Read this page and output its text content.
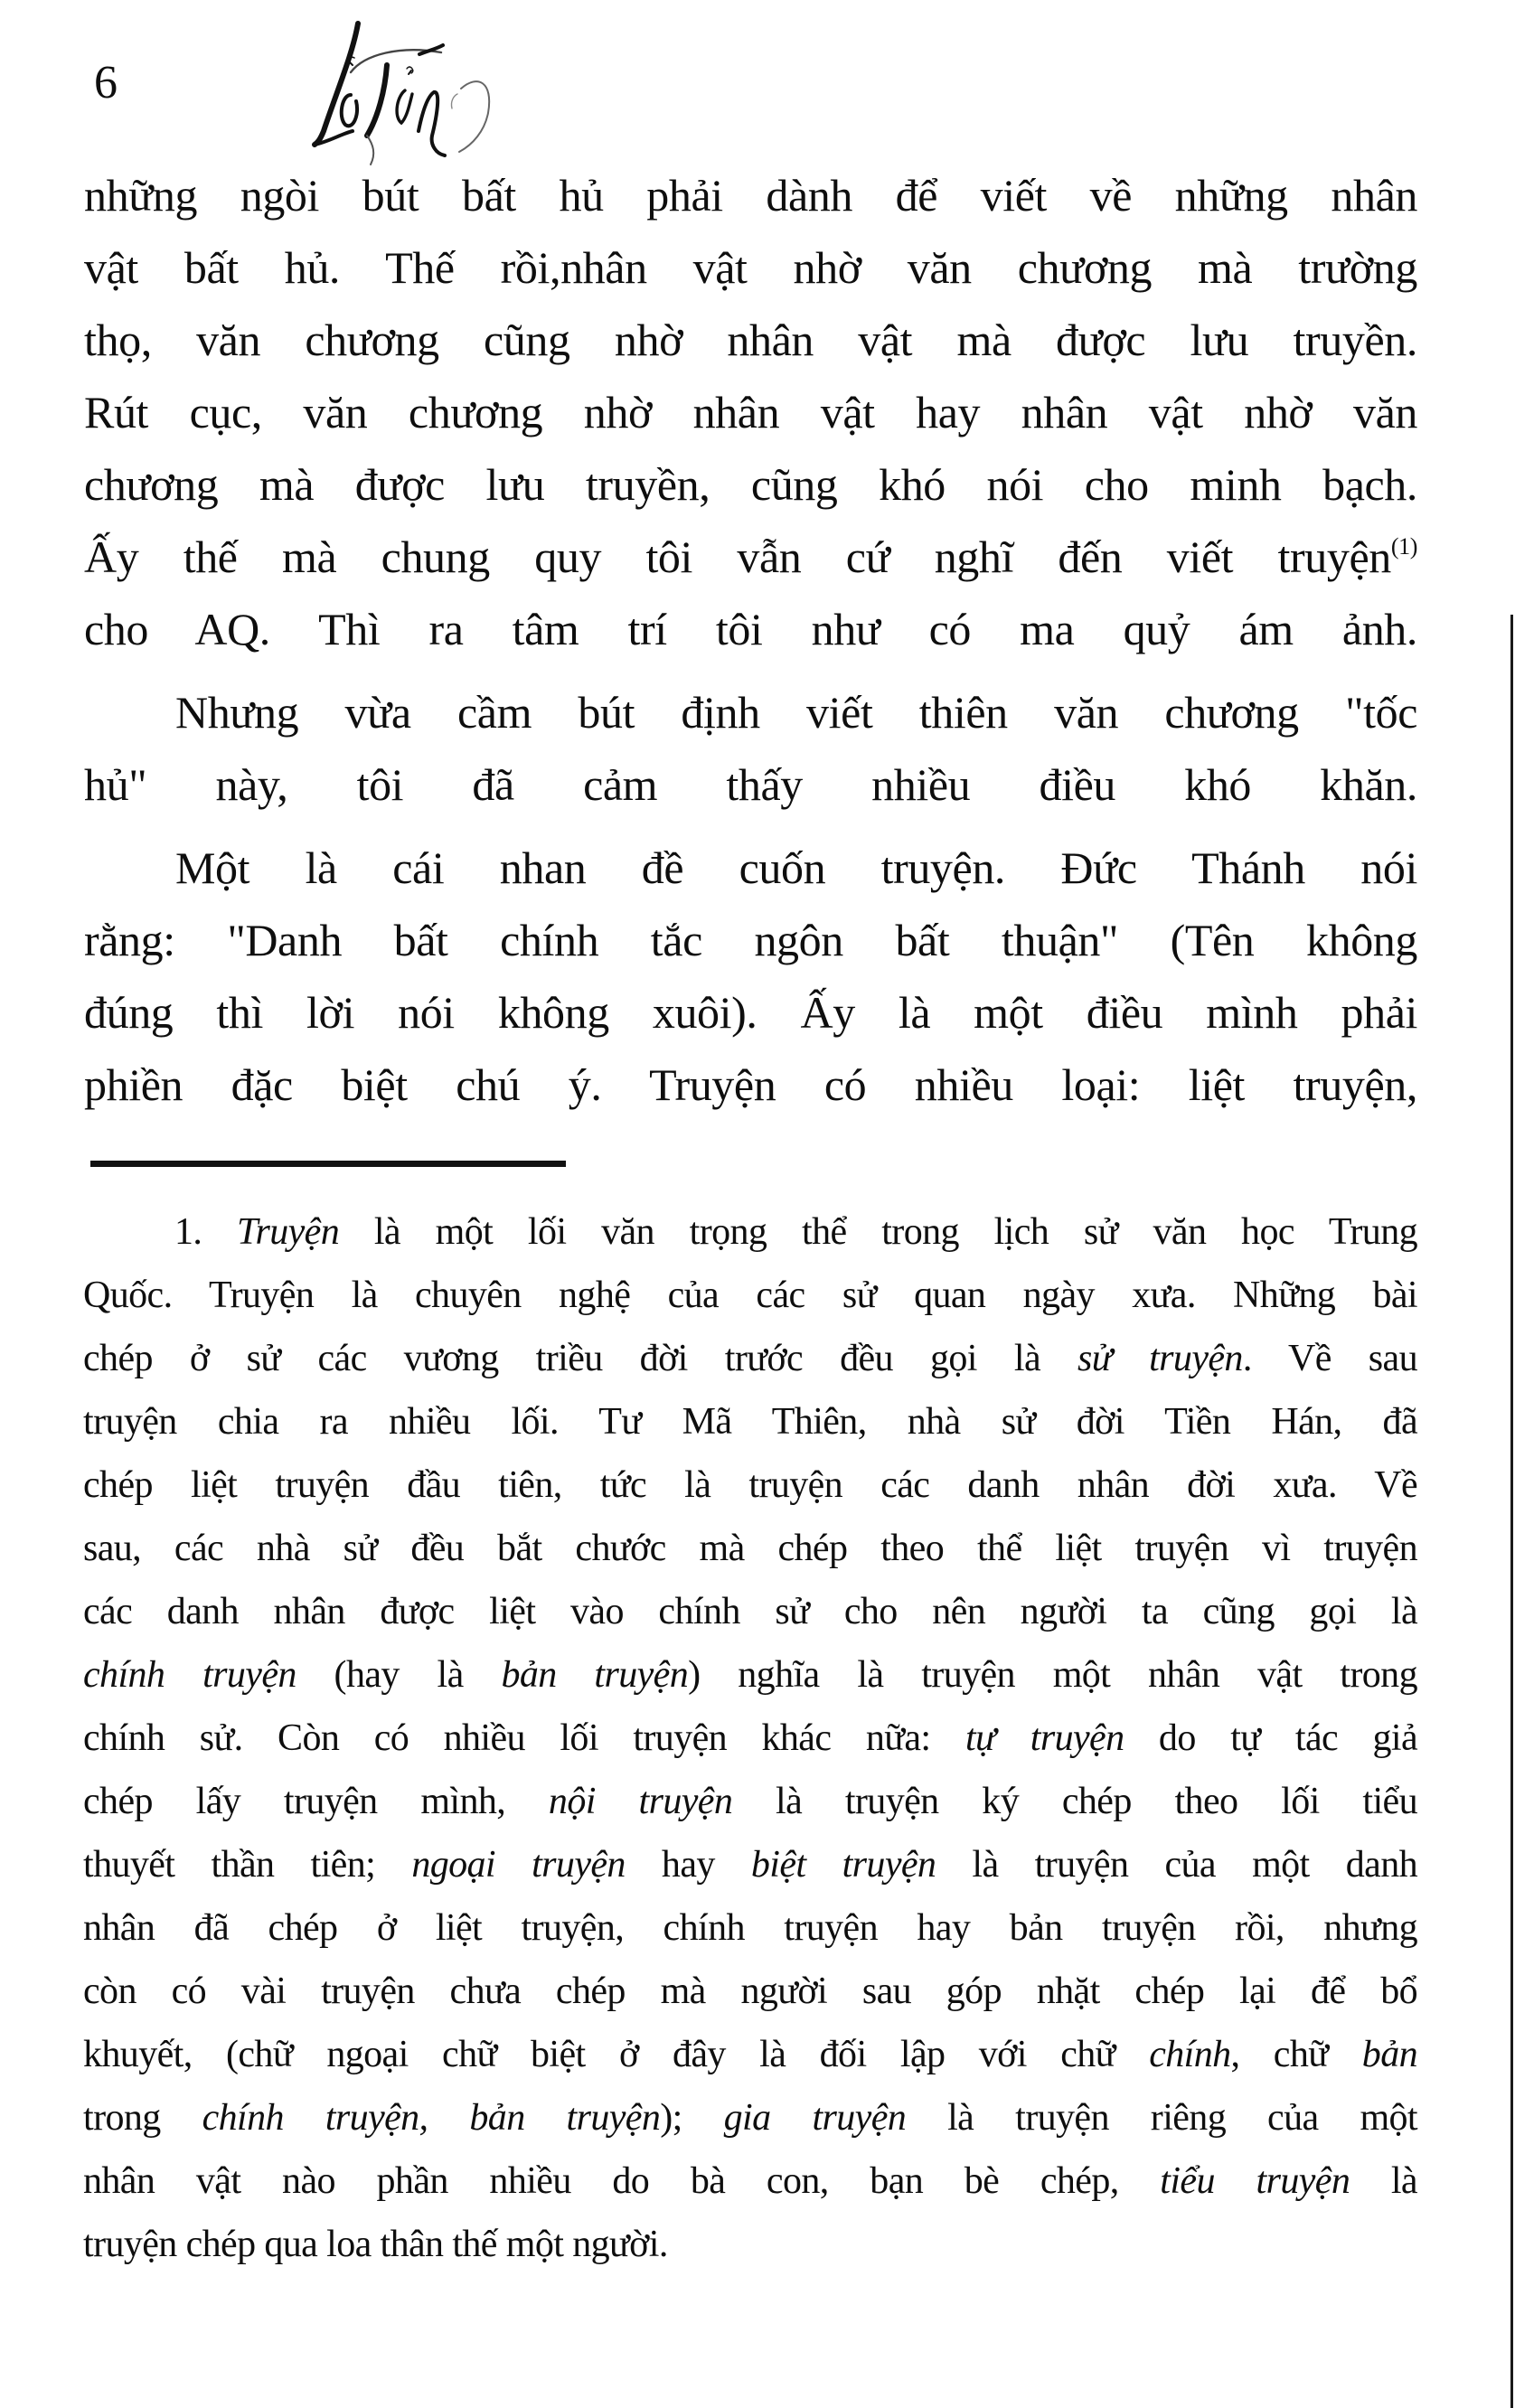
6

những ngòi bút bất hủ phải dành để viết về những nhân
vật bất hủ. Thế rồi,nhân vật nhờ văn chương mà trường
thọ, văn chương cũng nhờ nhân vật mà được lưu truyền.
Rút cục, văn chương nhờ nhân vật hay nhân vật nhờ văn
chương mà được lưu truyền, cũng khó nói cho minh bạch.
Ấy thế mà chung quy tôi vẫn cứ nghĩ đến viết truyện$^{(1)}$
cho AQ. Thì ra tâm trí tôi như có ma quỷ ám ảnh.

Nhưng vừa cầm bút định viết thiên văn chương "tốc
hủ" này, tôi đã cảm thấy nhiều điều khó khăn.

Một là cái nhan đề cuốn truyện. Đức Thánh nói
rằng: "Danh bất chính tắc ngôn bất thuận" (Tên không
đúng thì lời nói không xuôi). Ấy là một điều mình phải
phiền đặc biệt chú ý. Truyện có nhiều loại: liệt truyện,

1. Truyện là một lối văn trọng thể trong lịch sử văn học Trung
Quốc. Truyện là chuyên nghệ của các sử quan ngày xưa. Những bài
chép ở sử các vương triều đời trước đều gọi là sử truyện. Về sau
truyện chia ra nhiều lối. Tư Mã Thiên, nhà sử đời Tiền Hán, đã
chép liệt truyện đầu tiên, tức là truyện các danh nhân đời xưa. Về
sau, các nhà sử đều bắt chước mà chép theo thể liệt truyện vì truyện
các danh nhân được liệt vào chính sử cho nên người ta cũng gọi là
chính truyện (hay là bản truyện) nghĩa là truyện một nhân vật trong
chính sử. Còn có nhiều lối truyện khác nữa: tự truyện do tự tác giả
chép lấy truyện mình, nội truyện là truyện ký chép theo lối tiểu
thuyết thần tiên; ngoại truyện hay biệt truyện là truyện của một danh
nhân đã chép ở liệt truyện, chính truyện hay bản truyện rồi, nhưng
còn có vài truyện chưa chép mà người sau góp nhặt chép lại để bổ
khuyết, (chữ ngoại chữ biệt ở đây là đối lập với chữ chính, chữ bản
trong chính truyện, bản truyện); gia truyện là truyện riêng của một
nhân vật nào phần nhiều do bà con, bạn bè chép, tiểu truyện là
truyện chép qua loa thân thế một người.
